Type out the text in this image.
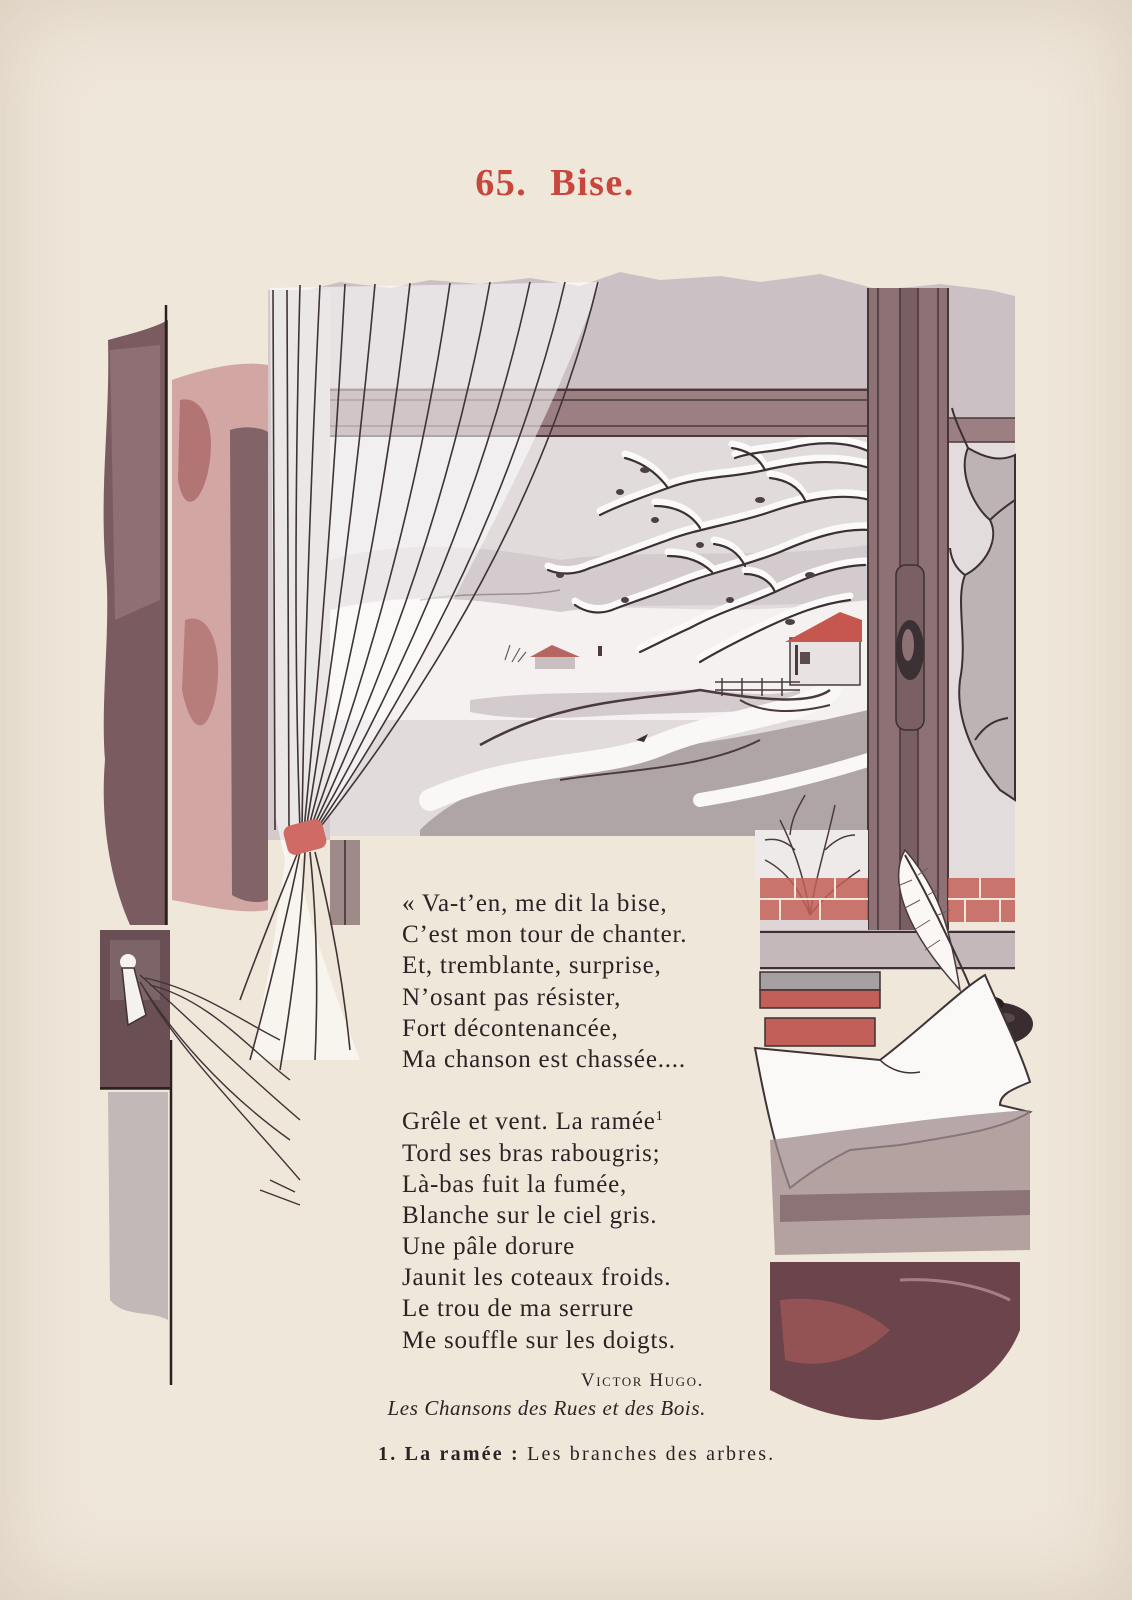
65. Bise.
« Va-t’en, me dit la bise,
C’est mon tour de chanter.
Et, tremblante, surprise,
N’osant pas résister,
Fort décontenancée,
Ma chanson est chassée....
Grêle et vent. La ramée$^1$
Tord ses bras rabougris;
Là-bas fuit la fumée,
Blanche sur le ciel gris.
Une pâle dorure
Jaunit les coteaux froids.
Le trou de ma serrure
Me souffle sur les doigts.
Victor Hugo.
Les Chansons des Rues et des Bois.
1. La ramée : Les branches des arbres.
